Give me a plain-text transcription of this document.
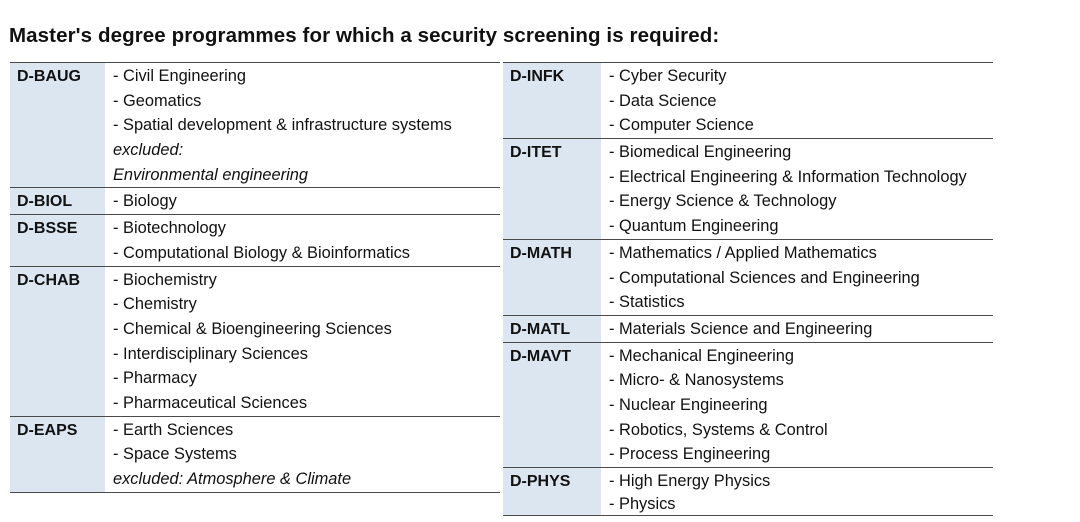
Master's degree programmes for which a security screening is required:
D-BAUG	- Civil Engineering
- Geomatics
- Spatial development & infrastructure systems
excluded:
Environmental engineering
D-BIOL	- Biology
D-BSSE	- Biotechnology
- Computational Biology & Bioinformatics
D-CHAB	- Biochemistry
- Chemistry
- Chemical & Bioengineering Sciences
- Interdisciplinary Sciences
- Pharmacy
- Pharmaceutical Sciences
D-EAPS	- Earth Sciences
- Space Systems
excluded: Atmosphere & Climate
D-INFK	- Cyber Security
- Data Science
- Computer Science
D-ITET	- Biomedical Engineering
- Electrical Engineering & Information Technology
- Energy Science & Technology
- Quantum Engineering
D-MATH	- Mathematics / Applied Mathematics
- Computational Sciences and Engineering
- Statistics
D-MATL	- Materials Science and Engineering
D-MAVT	- Mechanical Engineering
- Micro- & Nanosystems
- Nuclear Engineering
- Robotics, Systems & Control
- Process Engineering
D-PHYS	- High Energy Physics
- Physics
